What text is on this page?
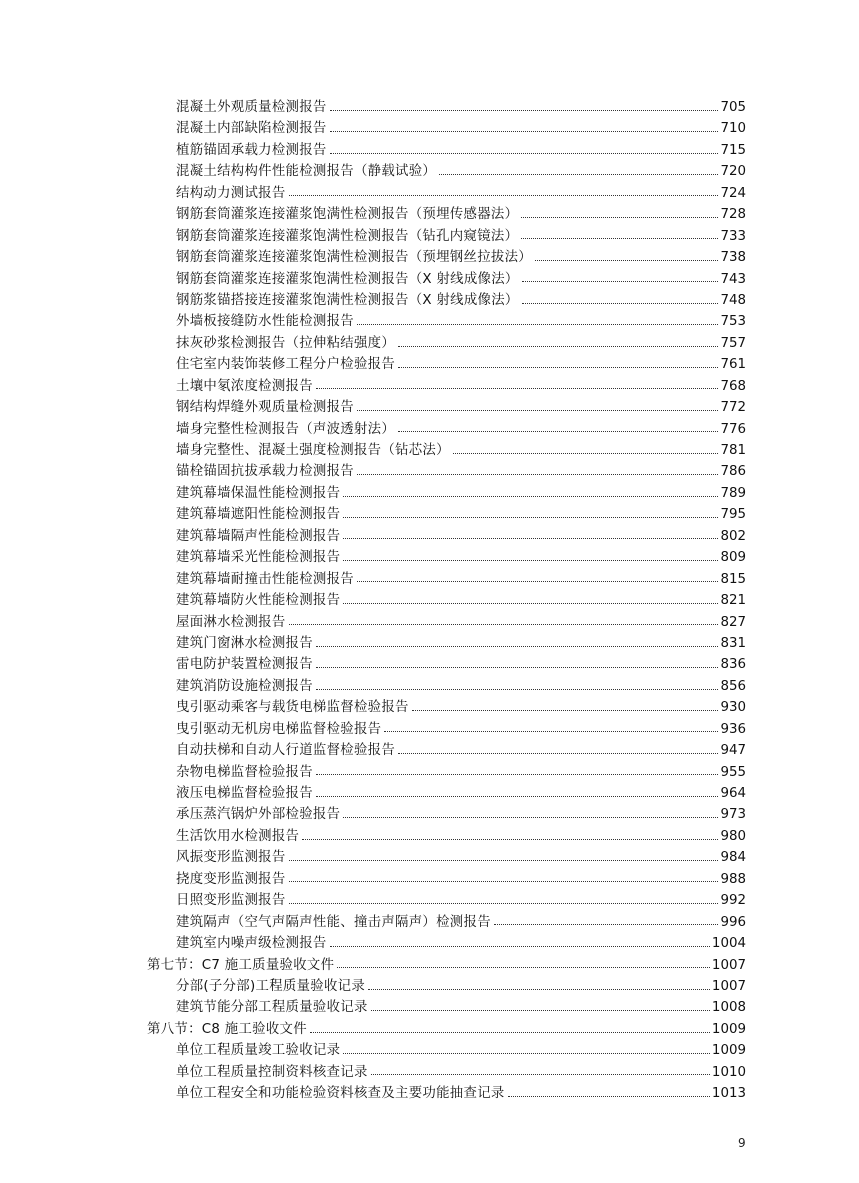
混凝土外观质量检测报告	705
混凝土内部缺陷检测报告	710
植筋锚固承载力检测报告	715
混凝土结构构件性能检测报告（静载试验）	720
结构动力测试报告	724
钢筋套筒灌浆连接灌浆饱满性检测报告（预埋传感器法）	728
钢筋套筒灌浆连接灌浆饱满性检测报告（钻孔内窥镜法）	733
钢筋套筒灌浆连接灌浆饱满性检测报告（预埋钢丝拉拔法）	738
钢筋套筒灌浆连接灌浆饱满性检测报告（X 射线成像法）	743
钢筋浆锚搭接连接灌浆饱满性检测报告（X 射线成像法）	748
外墙板接缝防水性能检测报告	753
抹灰砂浆检测报告（拉伸粘结强度）	757
住宅室内装饰装修工程分户检验报告	761
土壤中氡浓度检测报告	768
钢结构焊缝外观质量检测报告	772
墙身完整性检测报告（声波透射法）	776
墙身完整性、混凝土强度检测报告（钻芯法）	781
锚栓锚固抗拔承载力检测报告	786
建筑幕墙保温性能检测报告	789
建筑幕墙遮阳性能检测报告	795
建筑幕墙隔声性能检测报告	802
建筑幕墙采光性能检测报告	809
建筑幕墙耐撞击性能检测报告	815
建筑幕墙防火性能检测报告	821
屋面淋水检测报告	827
建筑门窗淋水检测报告	831
雷电防护装置检测报告	836
建筑消防设施检测报告	856
曳引驱动乘客与载货电梯监督检验报告	930
曳引驱动无机房电梯监督检验报告	936
自动扶梯和自动人行道监督检验报告	947
杂物电梯监督检验报告	955
液压电梯监督检验报告	964
承压蒸汽锅炉外部检验报告	973
生活饮用水检测报告	980
风振变形监测报告	984
挠度变形监测报告	988
日照变形监测报告	992
建筑隔声（空气声隔声性能、撞击声隔声）检测报告	996
建筑室内噪声级检测报告	1004
第七节：C7 施工质量验收文件	1007
分部(子分部)工程质量验收记录	1007
建筑节能分部工程质量验收记录	1008
第八节：C8 施工验收文件	1009
单位工程质量竣工验收记录	1009
单位工程质量控制资料核查记录	1010
单位工程安全和功能检验资料核查及主要功能抽查记录	1013
9
